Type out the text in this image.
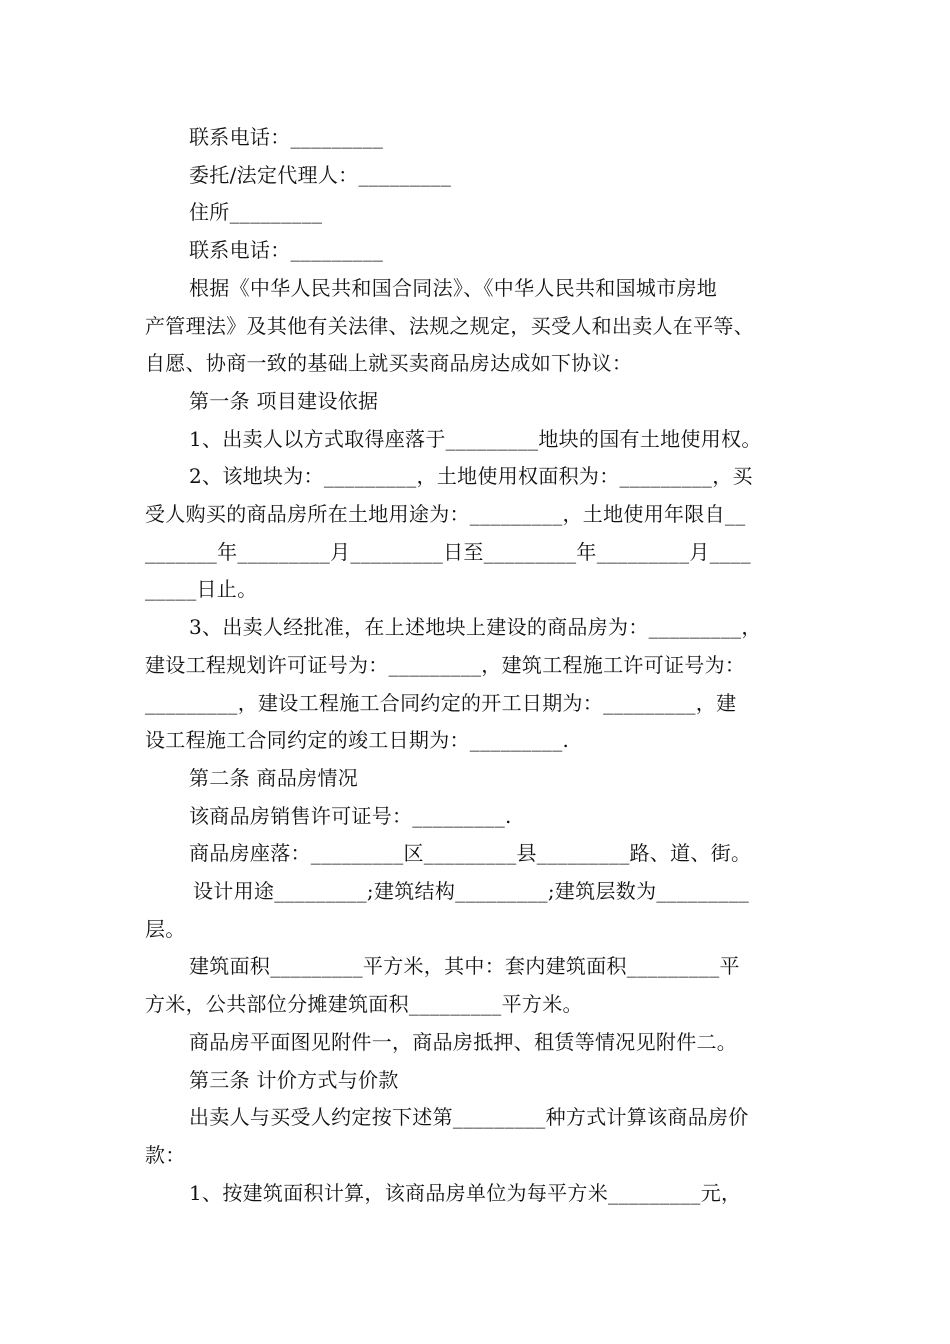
联系电话：_________

委托/法定代理人：_________

住所_________

联系电话：_________

根据《中华人民共和国合同法》、《中华人民共和国城市房地

产管理法》及其他有关法律、法规之规定，买受人和出卖人在平等、

自愿、协商一致的基础上就买卖商品房达成如下协议：

第一条 项目建设依据

1、出卖人以方式取得座落于_________地块的国有土地使用权。

2、该地块为：_________，土地使用权面积为：_________，买

受人购买的商品房所在土地用途为：_________，土地使用年限自__

_______年_________月_________日至_________年_________月____

_____日止。

3、出卖人经批准，在上述地块上建设的商品房为：_________，

建设工程规划许可证号为：_________，建筑工程施工许可证号为：

_________，建设工程施工合同约定的开工日期为：_________，建

设工程施工合同约定的竣工日期为：_________.

第二条 商品房情况

该商品房销售许可证号：_________.

商品房座落：_________区_________县_________路、道、街。

设计用途_________;建筑结构_________;建筑层数为_________

层。

建筑面积_________平方米，其中：套内建筑面积_________平

方米，公共部位分摊建筑面积_________平方米。

商品房平面图见附件一，商品房抵押、租赁等情况见附件二。

第三条 计价方式与价款

出卖人与买受人约定按下述第_________种方式计算该商品房价

款：

1、按建筑面积计算，该商品房单位为每平方米_________元，
